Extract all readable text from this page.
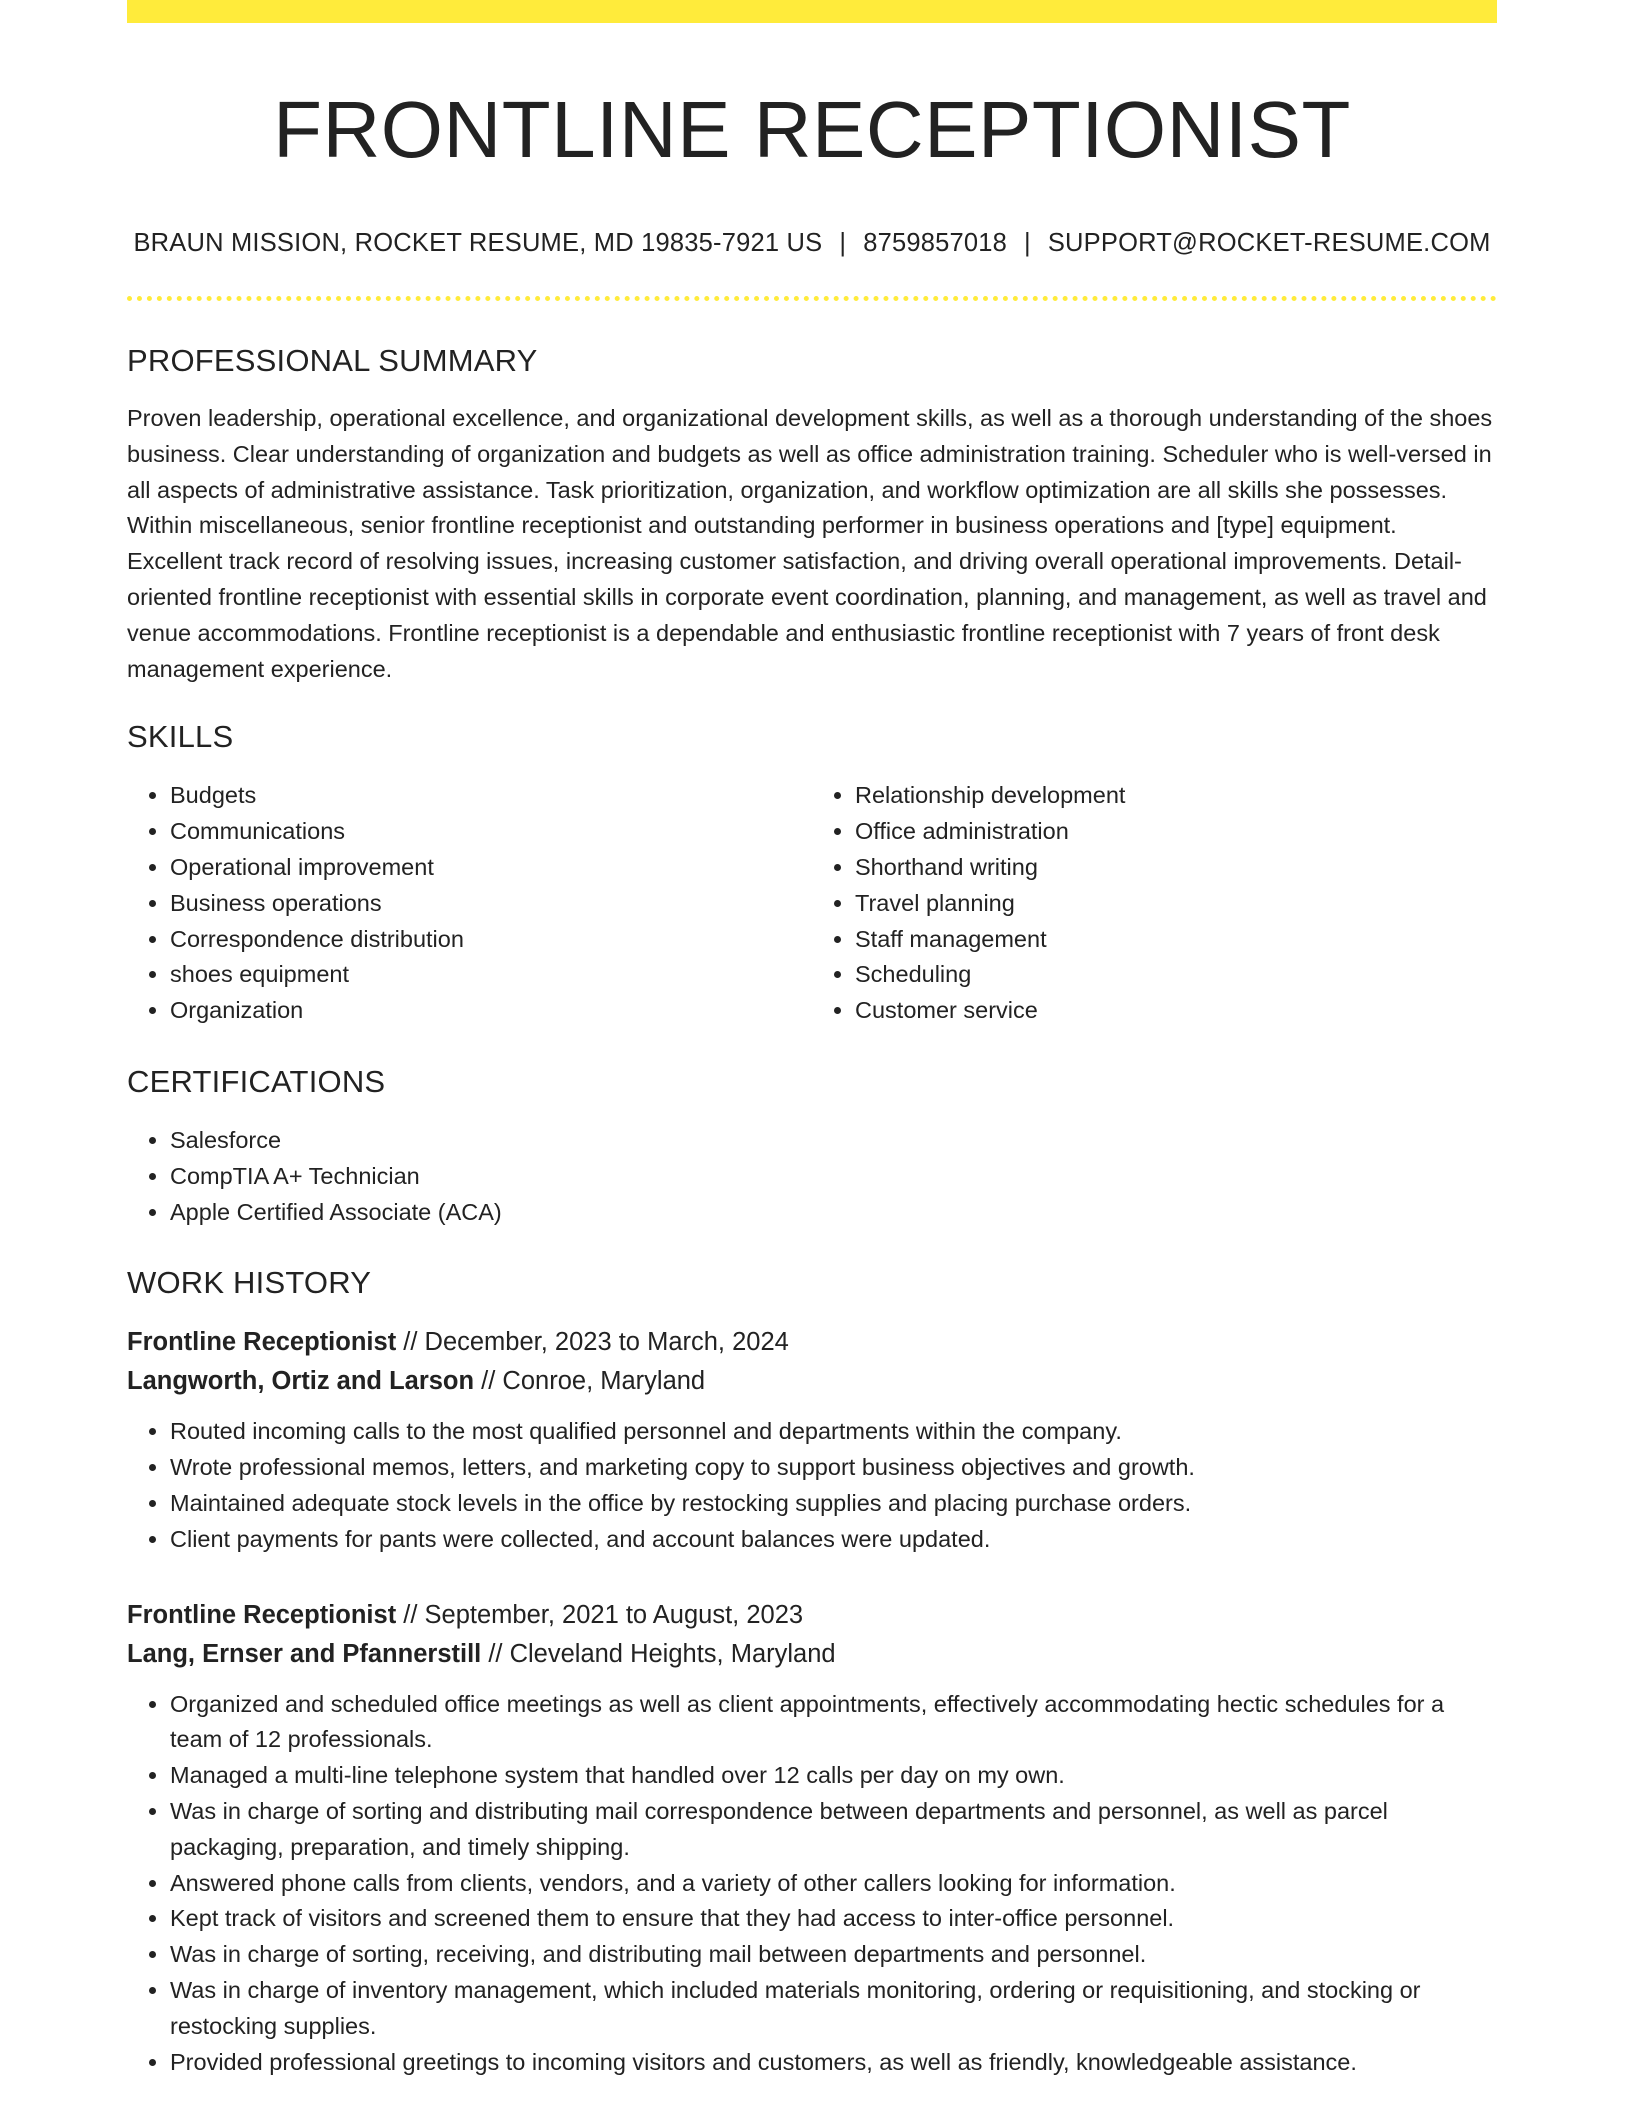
FRONTLINE RECEPTIONIST
BRAUN MISSION, ROCKET RESUME, MD 19835-7921 US | 8759857018 | SUPPORT@ROCKET-RESUME.COM
PROFESSIONAL SUMMARY

Proven leadership, operational excellence, and organizational development skills, as well as a thorough understanding of the shoes business. Clear understanding of organization and budgets as well as office administration training. Scheduler who is well-versed in all aspects of administrative assistance. Task prioritization, organization, and workflow optimization are all skills she possesses. Within miscellaneous, senior frontline receptionist and outstanding performer in business operations and [type] equipment. Excellent track record of resolving issues, increasing customer satisfaction, and driving overall operational improvements. Detail-oriented frontline receptionist with essential skills in corporate event coordination, planning, and management, as well as travel and venue accommodations. Frontline receptionist is a dependable and enthusiastic frontline receptionist with 7 years of front desk management experience.

SKILLS
• Budgets
• Communications
• Operational improvement
• Business operations
• Correspondence distribution
• shoes equipment
• Organization
• Relationship development
• Office administration
• Shorthand writing
• Travel planning
• Staff management
• Scheduling
• Customer service
CERTIFICATIONS
• Salesforce
• CompTIA A+ Technician
• Apple Certified Associate (ACA)
WORK HISTORY
Frontline Receptionist // December, 2023 to March, 2024
Langworth, Ortiz and Larson // Conroe, Maryland
• Routed incoming calls to the most qualified personnel and departments within the company.
• Wrote professional memos, letters, and marketing copy to support business objectives and growth.
• Maintained adequate stock levels in the office by restocking supplies and placing purchase orders.
• Client payments for pants were collected, and account balances were updated.
Frontline Receptionist // September, 2021 to August, 2023
Lang, Ernser and Pfannerstill // Cleveland Heights, Maryland
• Organized and scheduled office meetings as well as client appointments, effectively accommodating hectic schedules for a team of 12 professionals.
• Managed a multi-line telephone system that handled over 12 calls per day on my own.
• Was in charge of sorting and distributing mail correspondence between departments and personnel, as well as parcel packaging, preparation, and timely shipping.
• Answered phone calls from clients, vendors, and a variety of other callers looking for information.
• Kept track of visitors and screened them to ensure that they had access to inter-office personnel.
• Was in charge of sorting, receiving, and distributing mail between departments and personnel.
• Was in charge of inventory management, which included materials monitoring, ordering or requisitioning, and stocking or restocking supplies.
• Provided professional greetings to incoming visitors and customers, as well as friendly, knowledgeable assistance.
